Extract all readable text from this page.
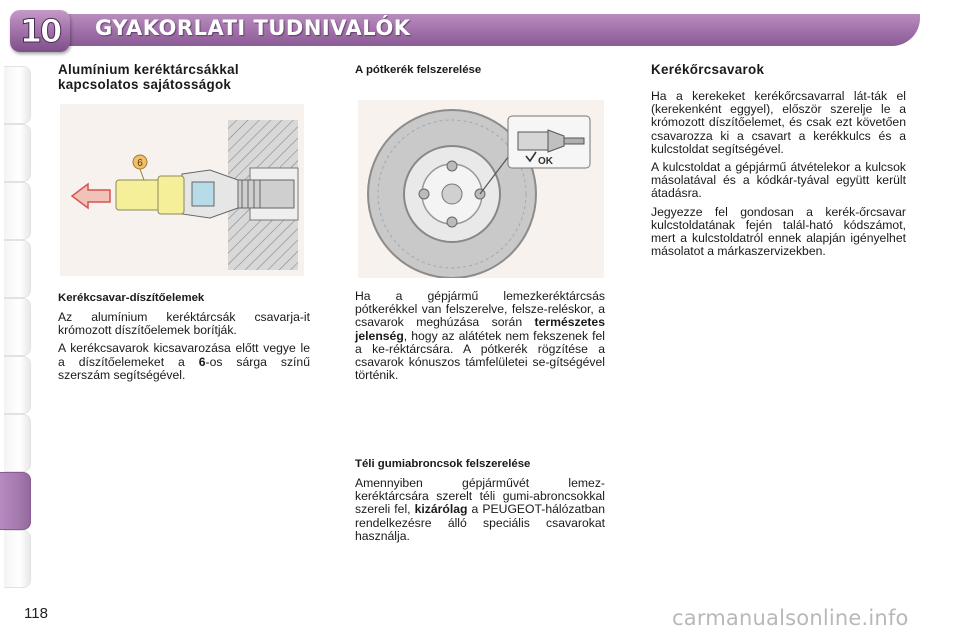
10	GYAKORLATI TUDNIVALÓK
Alumínium keréktárcsákkal kapcsolatos sajátosságok
6
Kerékcsavar-díszítőelemek

Az alumínium keréktárcsák csavarja-it krómozott díszítőelemek borítják.

A kerékcsavarok kicsavarozása előtt vegye le a díszítőelemeket a 6-os sárga színű szerszám segítségével.

A pótkerék felszerelése
OK

Ha a gépjármű lemezkeréktárcsás pótkerékkel van felszerelve, felsze-reléskor, a csavarok meghúzása során természetes jelenség, hogy az alátétek nem fekszenek fel a ke-réktárcsára. A pótkerék rögzítése a csavarok kónuszos támfelületei se-gítségével történik.

Téli gumiabroncsok felszerelése

Amennyiben gépjárművét lemez-keréktárcsára szerelt téli gumi-abroncsokkal szereli fel, kizárólag a PEUGEOT-hálózatban rendelkezésre álló speciális csavarokat használja.

Kerékőrcsavarok

Ha a kerekeket kerékőrcsavarral lát-ták el (kerekenként eggyel), először szerelje le a krómozott díszítőelemet, és csak ezt követően csavarozza ki a csavart a kerékkulcs és a kulcstoldat segítségével.

A kulcstoldat a gépjármű átvételekor a kulcsok másolatával és a kódkár-tyával együtt került átadásra.

Jegyezze fel gondosan a kerék-őrcsavar kulcstoldatának fején talál-ható kódszámot, mert a kulcstoldatról ennek alapján igényelhet másolatot a márkaszervizekben.

118	carmanualsonline.info
